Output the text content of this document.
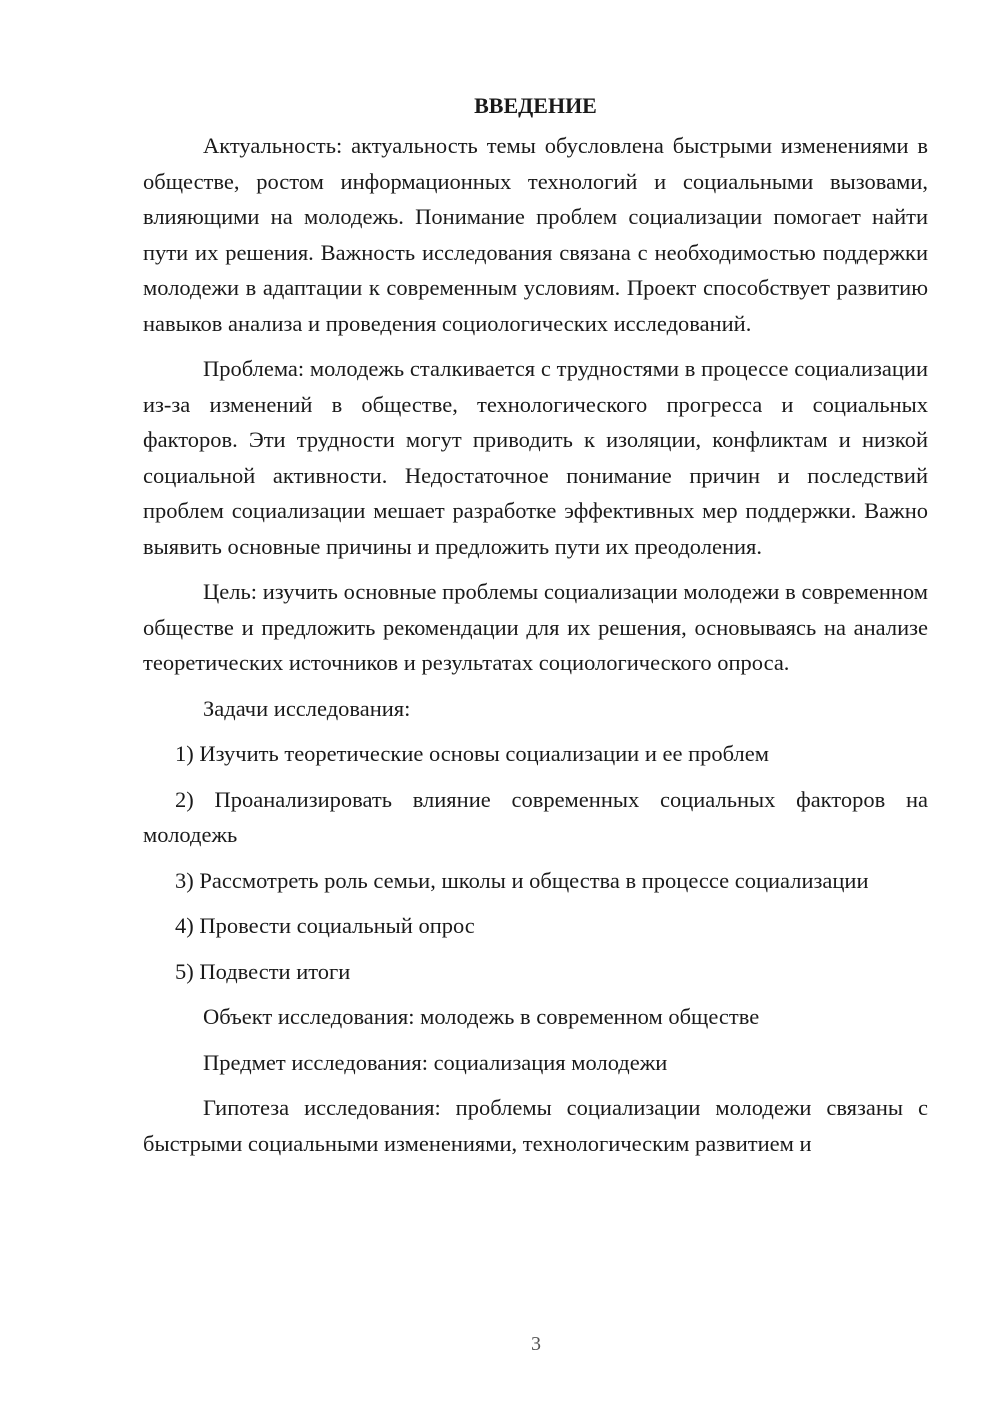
ВВЕДЕНИЕ

Актуальность: актуальность темы обусловлена быстрыми изменениями в обществе, ростом информационных технологий и социальными вызовами, влияющими на молодежь. Понимание проблем социализации помогает найти пути их решения. Важность исследования связана с необходимостью поддержки молодежи в адаптации к современным условиям. Проект способствует развитию навыков анализа и проведения социологических исследований.

Проблема: молодежь сталкивается с трудностями в процессе социализации из-за изменений в обществе, технологического прогресса и социальных факторов. Эти трудности могут приводить к изоляции, конфликтам и низкой социальной активности. Недостаточное понимание причин и последствий проблем социализации мешает разработке эффективных мер поддержки. Важно выявить основные причины и предложить пути их преодоления.

Цель: изучить основные проблемы социализации молодежи в современном обществе и предложить рекомендации для их решения, основываясь на анализе теоретических источников и результатах социологического опроса.

Задачи исследования:

1) Изучить теоретические основы социализации и ее проблем

2) Проанализировать влияние современных социальных факторов на молодежь

3) Рассмотреть роль семьи, школы и общества в процессе социализации

4) Провести социальный опрос

5) Подвести итоги

Объект исследования: молодежь в современном обществе

Предмет исследования: социализация молодежи

Гипотеза исследования: проблемы социализации молодежи связаны с быстрыми социальными изменениями, технологическим развитием и

3
